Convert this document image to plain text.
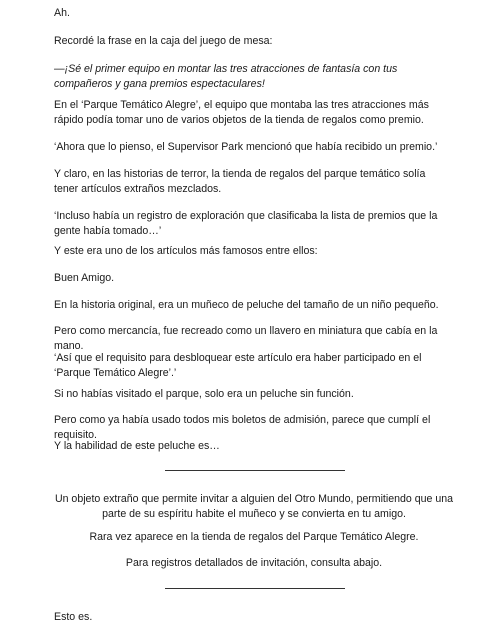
Ah.

Recordé la frase en la caja del juego de mesa:

—¡Sé el primer equipo en montar las tres atracciones de fantasía con tus compañeros y gana premios espectaculares!

En el ‘Parque Temático Alegre’, el equipo que montaba las tres atracciones más rápido podía tomar uno de varios objetos de la tienda de regalos como premio.

‘Ahora que lo pienso, el Supervisor Park mencionó que había recibido un premio.’

Y claro, en las historias de terror, la tienda de regalos del parque temático solía tener artículos extraños mezclados.

‘Incluso había un registro de exploración que clasificaba la lista de premios que la gente había tomado…’

Y este era uno de los artículos más famosos entre ellos:

Buen Amigo.

En la historia original, era un muñeco de peluche del tamaño de un niño pequeño.

Pero como mercancía, fue recreado como un llavero en miniatura que cabía en la mano.

‘Así que el requisito para desbloquear este artículo era haber participado en el ‘Parque Temático Alegre’.’

Si no habías visitado el parque, solo era un peluche sin función.

Pero como ya había usado todos mis boletos de admisión, parece que cumplí el requisito.

Y la habilidad de este peluche es…

Un objeto extraño que permite invitar a alguien del Otro Mundo, permitiendo que una parte de su espíritu habite el muñeco y se convierta en tu amigo.

Rara vez aparece en la tienda de regalos del Parque Temático Alegre.

Para registros detallados de invitación, consulta abajo.

Esto es.
